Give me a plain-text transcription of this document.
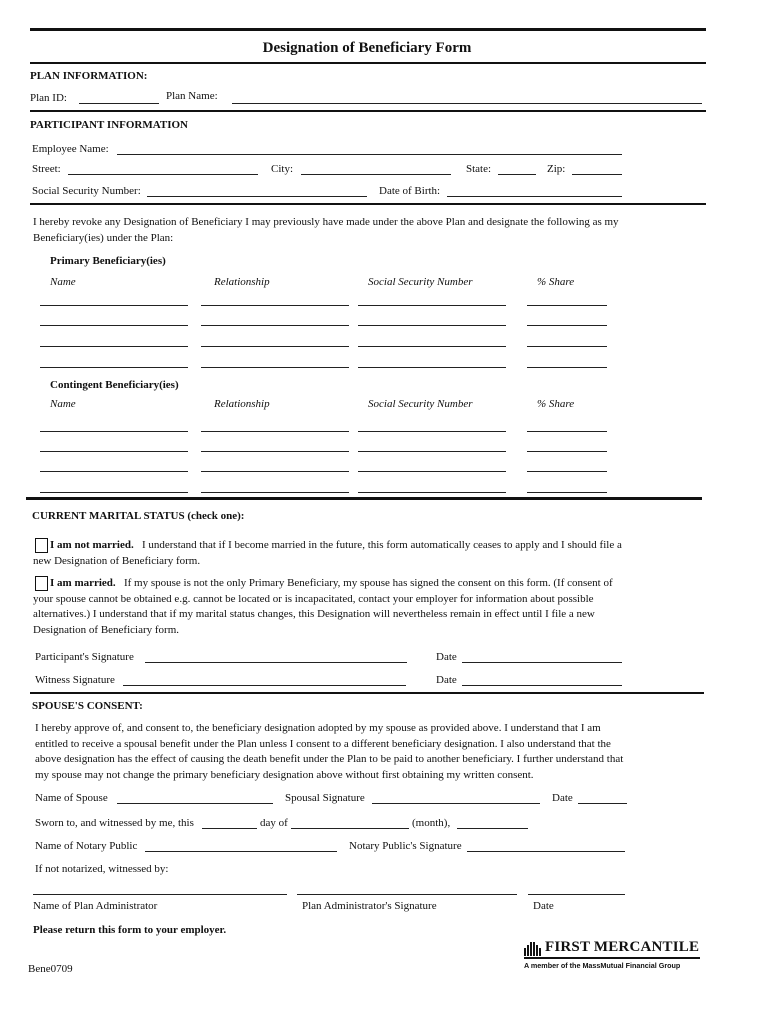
Designation of Beneficiary Form
PLAN INFORMATION:
Plan ID:	Plan Name:
PARTICIPANT INFORMATION
Employee Name:
Street:	City:	State:	Zip:
Social Security Number:	Date of Birth:
I hereby revoke any Designation of Beneficiary I may previously have made under the above Plan and designate the following as my Beneficiary(ies) under the Plan:
Primary Beneficiary(ies)
Name	Relationship	Social Security Number	% Share
Contingent Beneficiary(ies)
Name	Relationship	Social Security Number	% Share
CURRENT MARITAL STATUS (check one):
I am not married. I understand that if I become married in the future, this form automatically ceases to apply and I should file a new Designation of Beneficiary form.
I am married. If my spouse is not the only Primary Beneficiary, my spouse has signed the consent on this form. (If consent of your spouse cannot be obtained e.g. cannot be located or is incapacitated, contact your employer for information about possible alternatives.) I understand that if my marital status changes, this Designation will nevertheless remain in effect until I file a new Designation of Beneficiary form.
Participant's Signature	Date
Witness Signature	Date
SPOUSE'S CONSENT:
I hereby approve of, and consent to, the beneficiary designation adopted by my spouse as provided above. I understand that I am entitled to receive a spousal benefit under the Plan unless I consent to a different beneficiary designation. I also understand that the above designation has the effect of causing the death benefit under the Plan to be paid to another beneficiary. I further understand that my spouse may not change the primary beneficiary designation above without first obtaining my written consent.
Name of Spouse	Spousal Signature	Date
Sworn to, and witnessed by me, this	day of	(month),
Name of Notary Public	Notary Public's Signature
If not notarized, witnessed by:
Name of Plan Administrator	Plan Administrator's Signature	Date
Please return this form to your employer.
Bene0709
FIRST MERCANTILE
A member of the MassMutual Financial Group
